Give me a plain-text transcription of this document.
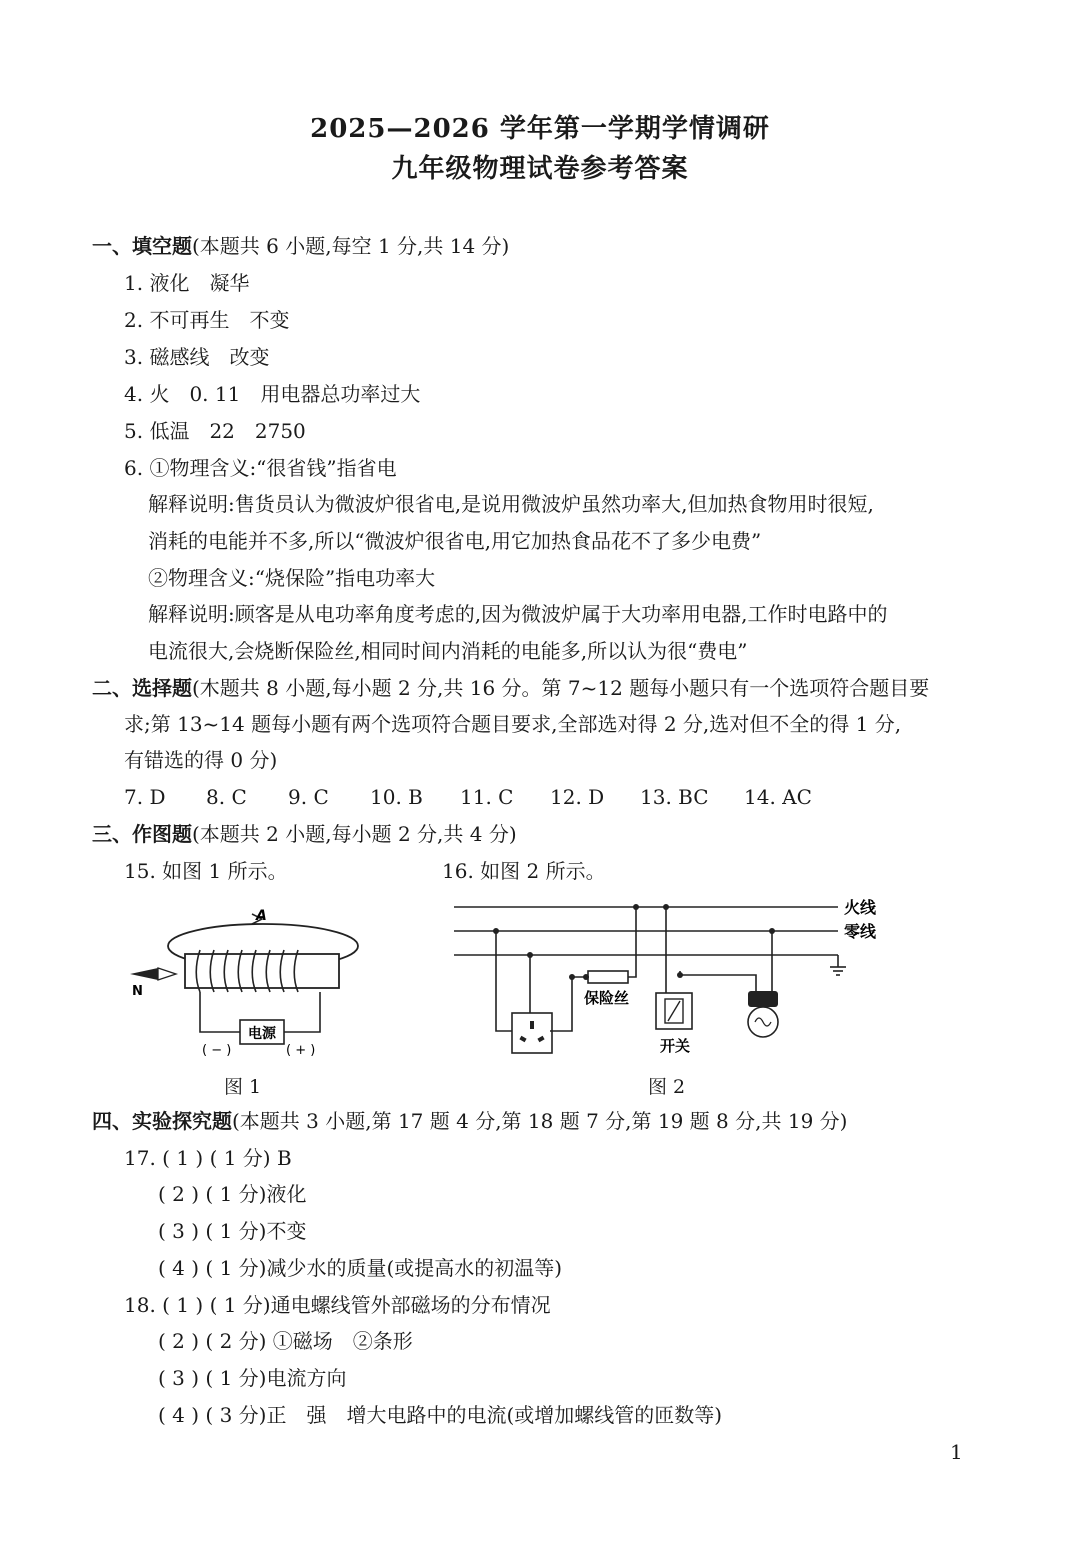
2025—2026 学年第一学期学情调研
九年级物理试卷参考答案
一、填空题(本题共 6 小题,每空 1 分,共 14 分)
1. 液化　凝华
2. 不可再生　不变
3. 磁感线　改变
4. 火　0. 11　用电器总功率过大
5. 低温　22　2750
6. ①物理含义:“很省钱”指省电
解释说明:售货员认为微波炉很省电,是说用微波炉虽然功率大,但加热食物用时很短,
消耗的电能并不多,所以“微波炉很省电,用它加热食品花不了多少电费”
②物理含义:“烧保险”指电功率大
解释说明:顾客是从电功率角度考虑的,因为微波炉属于大功率用电器,工作时电路中的
电流很大,会烧断保险丝,相同时间内消耗的电能多,所以认为很“费电”
二、选择题(木题共 8 小题,每小题 2 分,共 16 分。第 7~12 题每小题只有一个选项符合题目要
求;第 13~14 题每小题有两个选项符合题目要求,全部选对得 2 分,选对但不全的得 1 分,
有错选的得 0 分)
7. D 8. C 9. C 10. B 11. C 12. D 13. BC 14. AC
三、作图题(本题共 2 小题,每小题 2 分,共 4 分)
15. 如图 1 所示。	16. 如图 2 所示。
A
N
电源
( − )	( + )
图 1
火线
零线
保险丝
开关
图 2
四、实验探究题(本题共 3 小题,第 17 题 4 分,第 18 题 7 分,第 19 题 8 分,共 19 分)
17. ( 1 ) ( 1 分) B
( 2 ) ( 1 分)液化
( 3 ) ( 1 分)不变
( 4 ) ( 1 分)减少水的质量(或提高水的初温等)
18. ( 1 ) ( 1 分)通电螺线管外部磁场的分布情况
( 2 ) ( 2 分) ①磁场　②条形
( 3 ) ( 1 分)电流方向
( 4 ) ( 3 分)正　强　增大电路中的电流(或增加螺线管的匝数等)
1
